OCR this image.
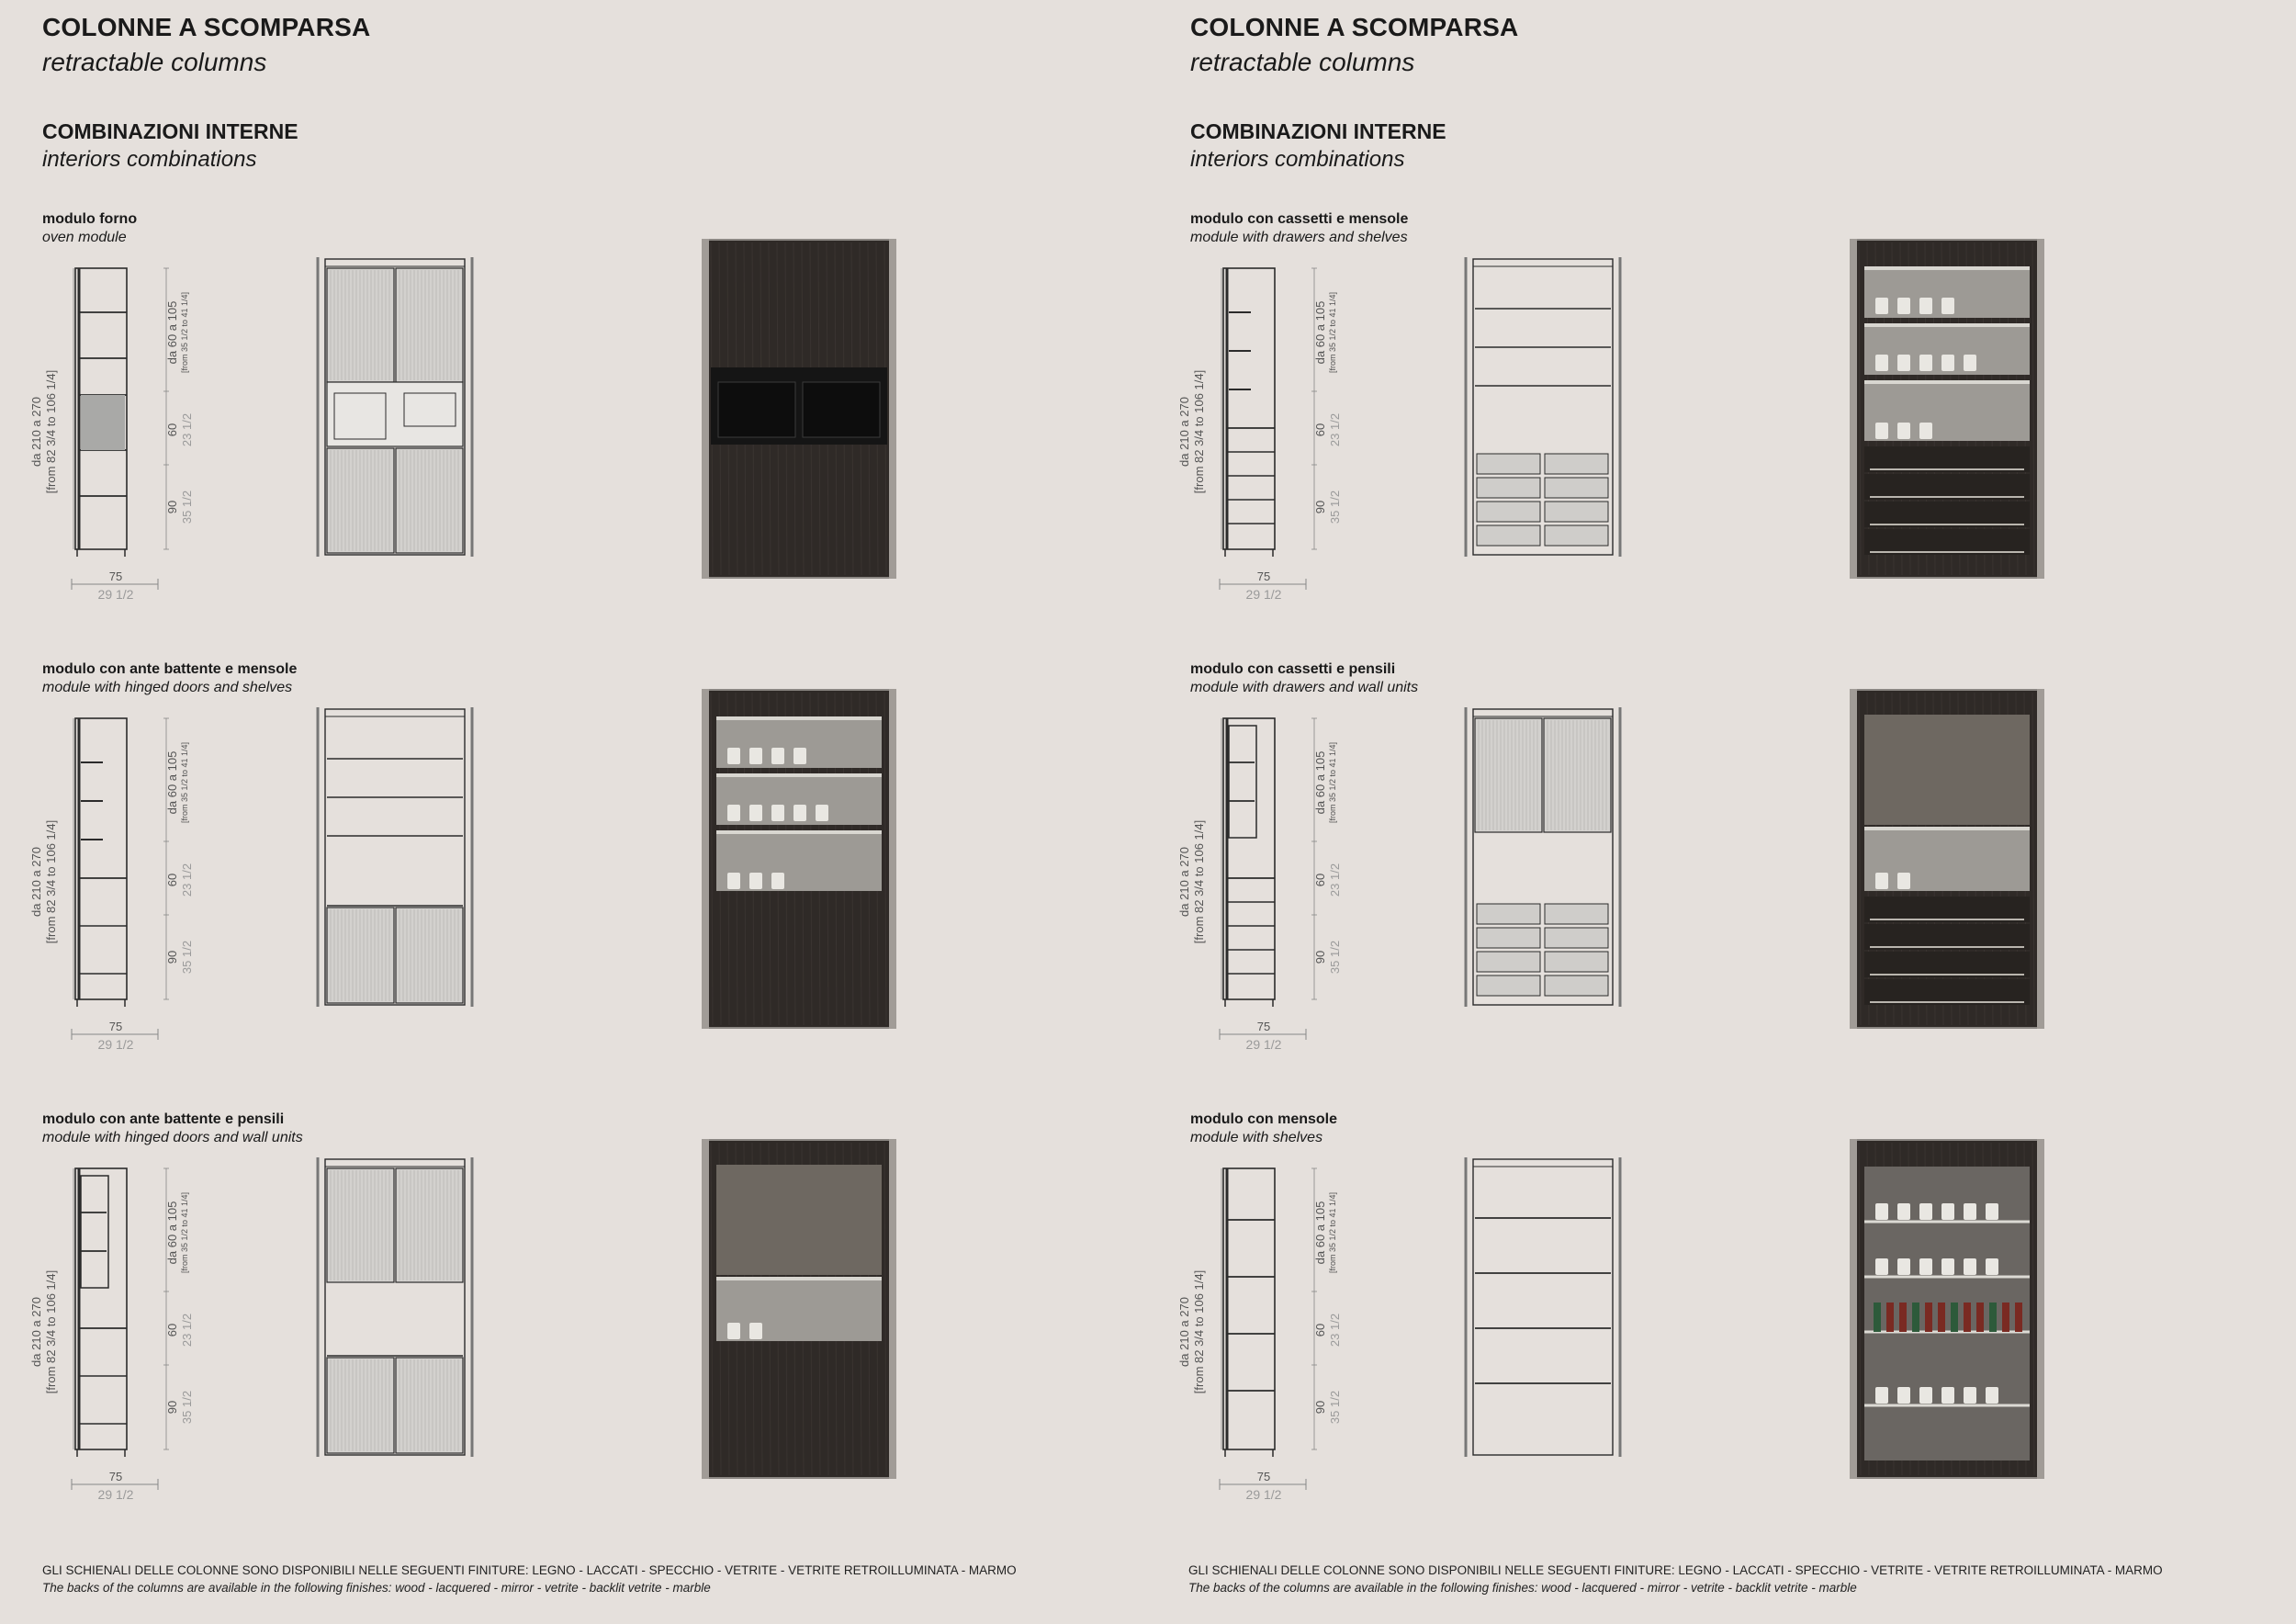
COLONNE A SCOMPARSA
retractable columns
COMBINAZIONI INTERNE
interiors combinations
modulo forno
oven module
da 210 a 270 [from 82 3/4 to 106 1/4]
da 60 a 105 [from 35 1/2 to 41 1/4]
60 23 1/2
90 35 1/2
75
29 1/2
modulo con ante battente e mensole
module with hinged doors and shelves
da 210 a 270 [from 82 3/4 to 106 1/4]
da 60 a 105 [from 35 1/2 to 41 1/4]
60 23 1/2
90 35 1/2
75
29 1/2
modulo con ante battente e pensili
module with hinged doors and wall units
da 210 a 270 [from 82 3/4 to 106 1/4]
da 60 a 105 [from 35 1/2 to 41 1/4]
60 23 1/2
90 35 1/2
75
29 1/2
GLI SCHIENALI DELLE COLONNE SONO DISPONIBILI NELLE SEGUENTI FINITURE: LEGNO - LACCATI - SPECCHIO - VETRITE - VETRITE RETROILLUMINATA - MARMO
The backs of the columns are available in the following finishes: wood - lacquered - mirror - vetrite - backlit vetrite - marble
COLONNE A SCOMPARSA
retractable columns
COMBINAZIONI INTERNE
interiors combinations
modulo con cassetti e mensole
module with drawers and shelves
da 210 a 270 [from 82 3/4 to 106 1/4]
da 60 a 105 [from 35 1/2 to 41 1/4]
60 23 1/2
90 35 1/2
75
29 1/2
modulo con cassetti e pensili
module with drawers and wall units
da 210 a 270 [from 82 3/4 to 106 1/4]
da 60 a 105 [from 35 1/2 to 41 1/4]
60 23 1/2
90 35 1/2
75
29 1/2
modulo con mensole
module with shelves
da 210 a 270 [from 82 3/4 to 106 1/4]
da 60 a 105 [from 35 1/2 to 41 1/4]
60 23 1/2
90 35 1/2
75
29 1/2
GLI SCHIENALI DELLE COLONNE SONO DISPONIBILI NELLE SEGUENTI FINITURE: LEGNO - LACCATI - SPECCHIO - VETRITE - VETRITE RETROILLUMINATA - MARMO
The backs of the columns are available in the following finishes: wood - lacquered - mirror - vetrite - backlit vetrite - marble
